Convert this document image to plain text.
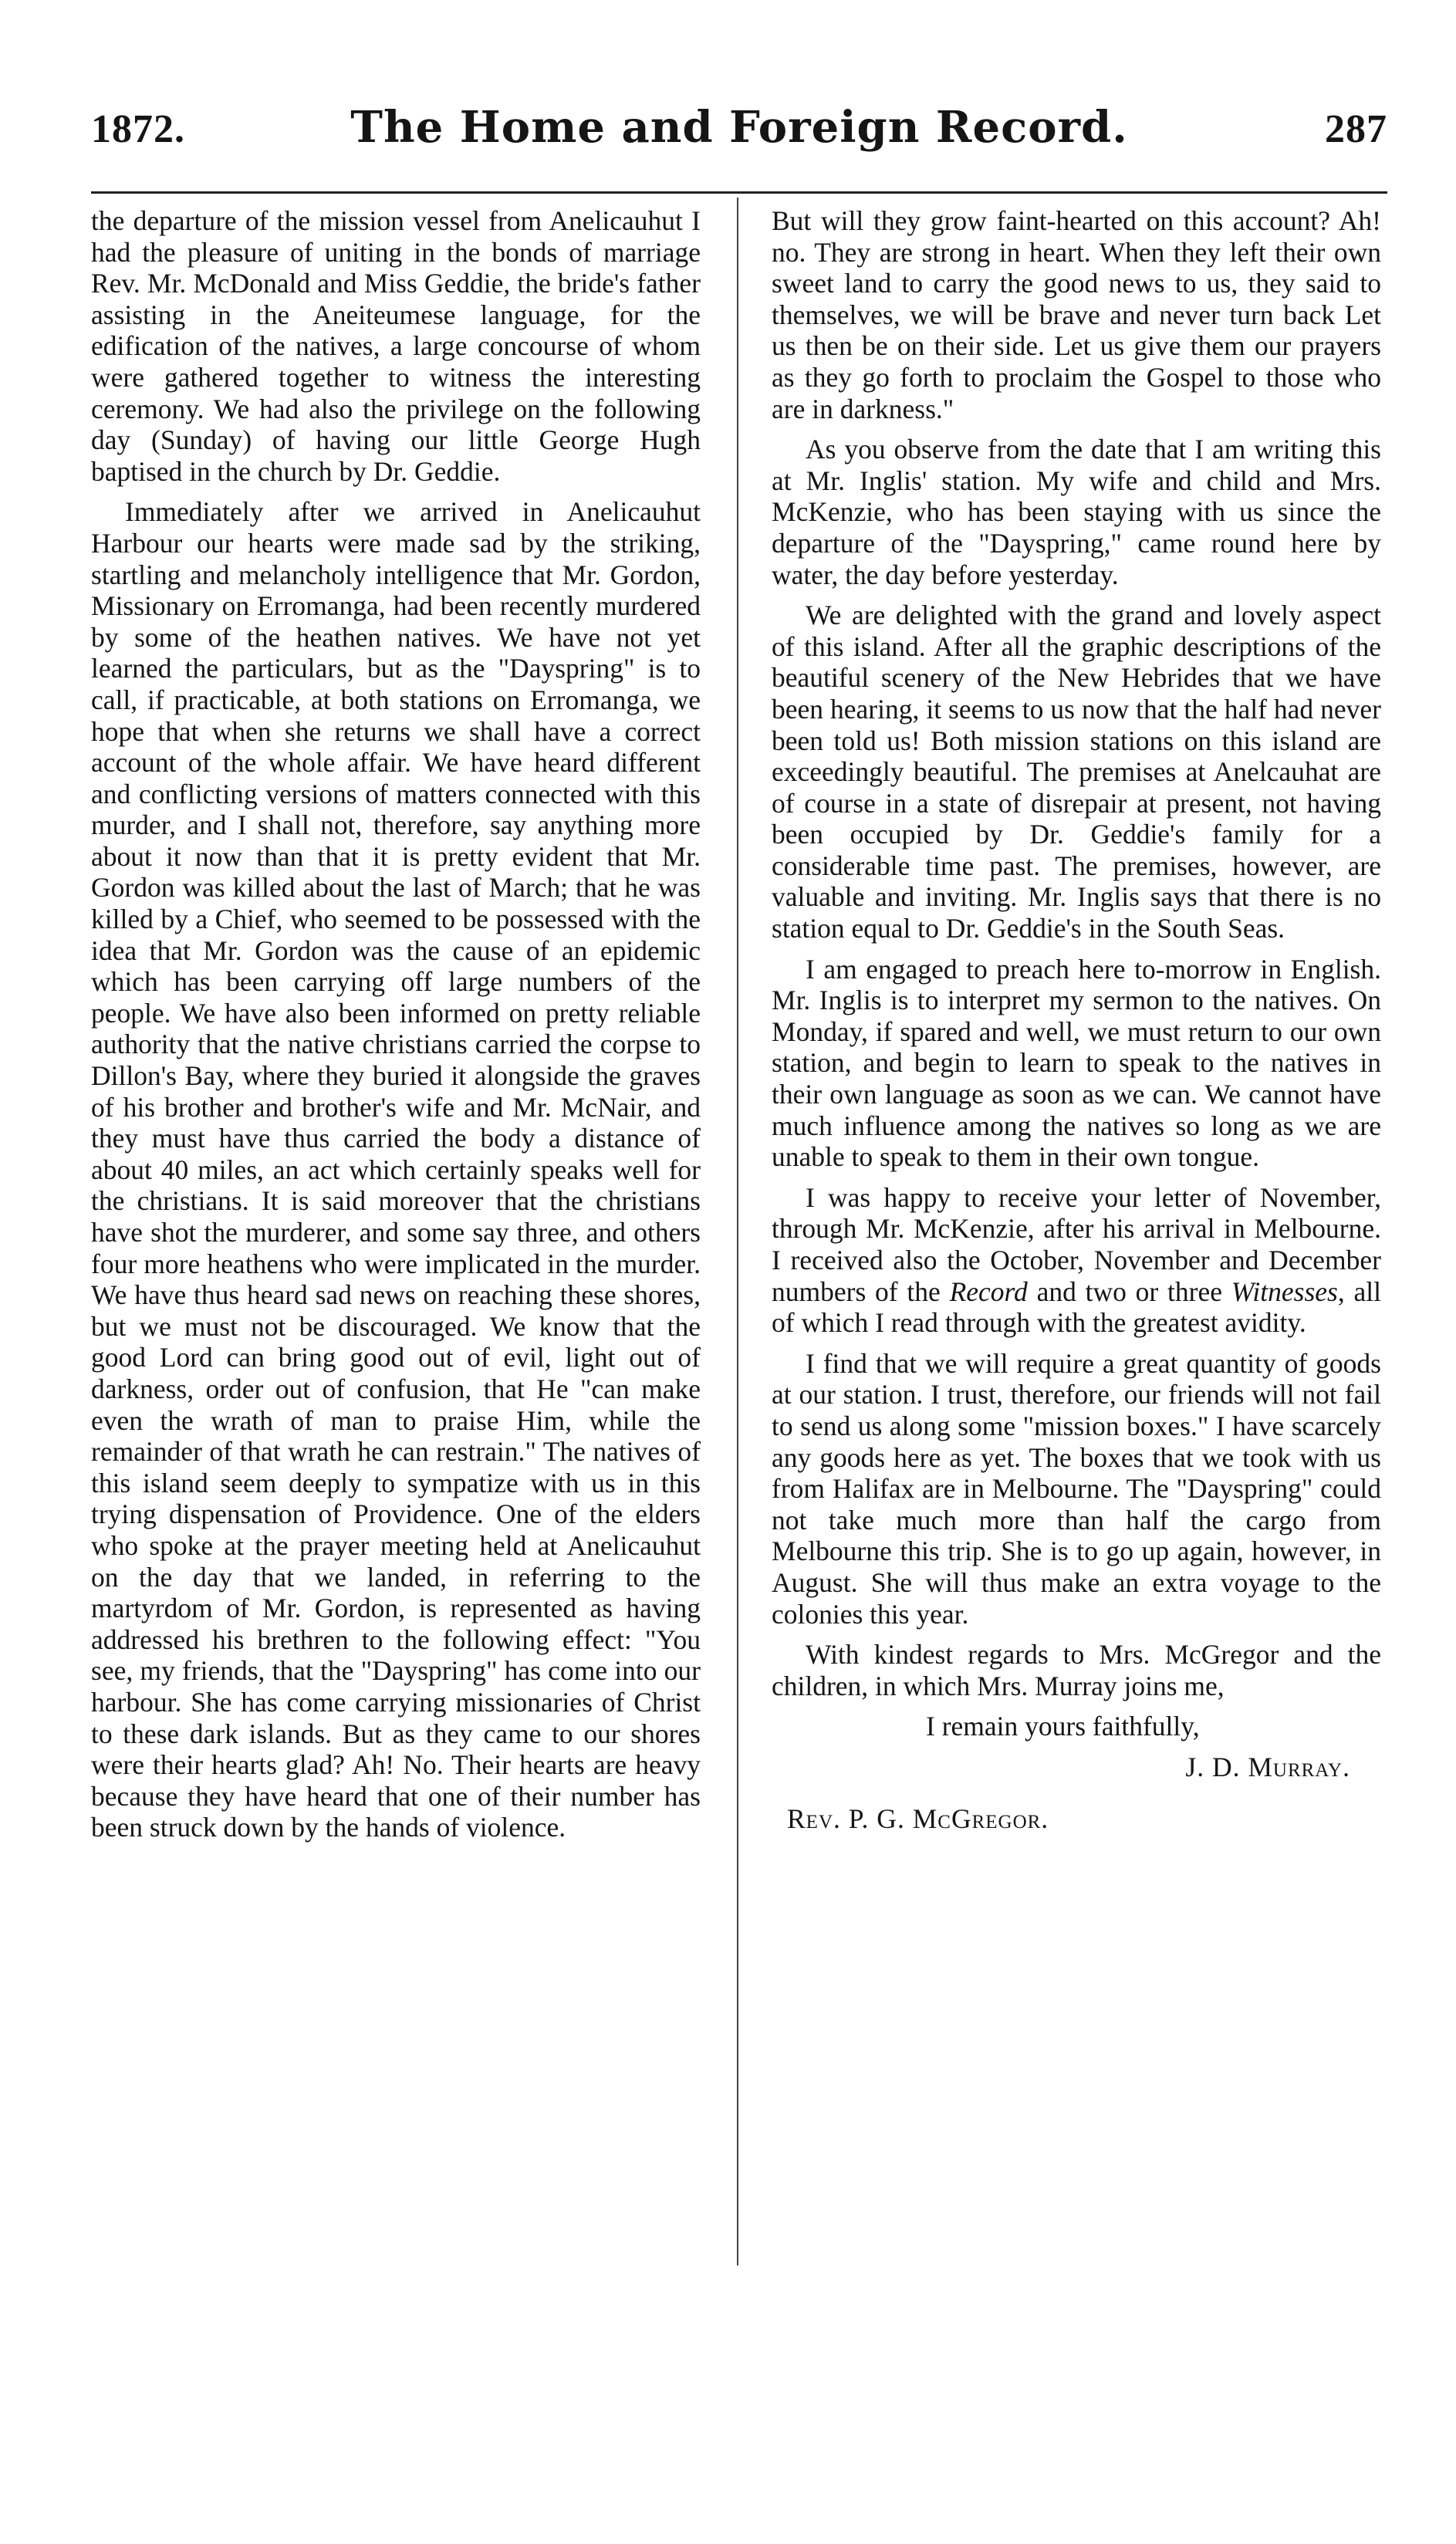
1872.	The Home and Foreign Record.	287

the departure of the mission vessel from Anelicauhut I had the pleasure of uniting in the bonds of marriage Rev. Mr. McDonald and Miss Geddie, the bride's father assisting in the Aneiteumese language, for the edification of the natives, a large concourse of whom were gathered together to witness the interesting ceremony. We had also the privilege on the following day (Sunday) of having our little George Hugh baptised in the church by Dr. Geddie.

Immediately after we arrived in Anelicauhut Harbour our hearts were made sad by the striking, startling and melancholy intelligence that Mr. Gordon, Missionary on Erromanga, had been recently murdered by some of the heathen natives. We have not yet learned the particulars, but as the "Dayspring" is to call, if practicable, at both stations on Erromanga, we hope that when she returns we shall have a correct account of the whole affair. We have heard different and conflicting versions of matters connected with this murder, and I shall not, therefore, say anything more about it now than that it is pretty evident that Mr. Gordon was killed about the last of March; that he was killed by a Chief, who seemed to be possessed with the idea that Mr. Gordon was the cause of an epidemic which has been carrying off large numbers of the people. We have also been informed on pretty reliable authority that the native christians carried the corpse to Dillon's Bay, where they buried it alongside the graves of his brother and brother's wife and Mr. McNair, and they must have thus carried the body a distance of about 40 miles, an act which certainly speaks well for the christians. It is said moreover that the christians have shot the murderer, and some say three, and others four more heathens who were implicated in the murder. We have thus heard sad news on reaching these shores, but we must not be discouraged. We know that the good Lord can bring good out of evil, light out of darkness, order out of confusion, that He "can make even the wrath of man to praise Him, while the remainder of that wrath he can restrain." The natives of this island seem deeply to sympatize with us in this trying dispensation of Providence. One of the elders who spoke at the prayer meeting held at Anelicauhut on the day that we landed, in referring to the martyrdom of Mr. Gordon, is represented as having addressed his brethren to the following effect: "You see, my friends, that the "Dayspring" has come into our harbour. She has come carrying missionaries of Christ to these dark islands. But as they came to our shores were their hearts glad? Ah! No. Their hearts are heavy because they have heard that one of their number has been struck down by the hands of violence.

But will they grow faint-hearted on this account? Ah! no. They are strong in heart. When they left their own sweet land to carry the good news to us, they said to themselves, we will be brave and never turn back Let us then be on their side. Let us give them our prayers as they go forth to proclaim the Gospel to those who are in darkness."

As you observe from the date that I am writing this at Mr. Inglis' station. My wife and child and Mrs. McKenzie, who has been staying with us since the departure of the "Dayspring," came round here by water, the day before yesterday.

We are delighted with the grand and lovely aspect of this island. After all the graphic descriptions of the beautiful scenery of the New Hebrides that we have been hearing, it seems to us now that the half had never been told us! Both mission stations on this island are exceedingly beautiful. The premises at Anelcauhat are of course in a state of disrepair at present, not having been occupied by Dr. Geddie's family for a considerable time past. The premises, however, are valuable and inviting. Mr. Inglis says that there is no station equal to Dr. Geddie's in the South Seas.

I am engaged to preach here to-morrow in English. Mr. Inglis is to interpret my sermon to the natives. On Monday, if spared and well, we must return to our own station, and begin to learn to speak to the natives in their own language as soon as we can. We cannot have much influence among the natives so long as we are unable to speak to them in their own tongue.

I was happy to receive your letter of November, through Mr. McKenzie, after his arrival in Melbourne. I received also the October, November and December numbers of the Record and two or three Witnesses, all of which I read through with the greatest avidity.

I find that we will require a great quantity of goods at our station. I trust, therefore, our friends will not fail to send us along some "mission boxes." I have scarcely any goods here as yet. The boxes that we took with us from Halifax are in Melbourne. The "Dayspring" could not take much more than half the cargo from Melbourne this trip. She is to go up again, however, in August. She will thus make an extra voyage to the colonies this year.

With kindest regards to Mrs. McGregor and the children, in which Mrs. Murray joins me,

I remain yours faithfully,

J. D. Murray.

Rev. P. G. McGregor.
